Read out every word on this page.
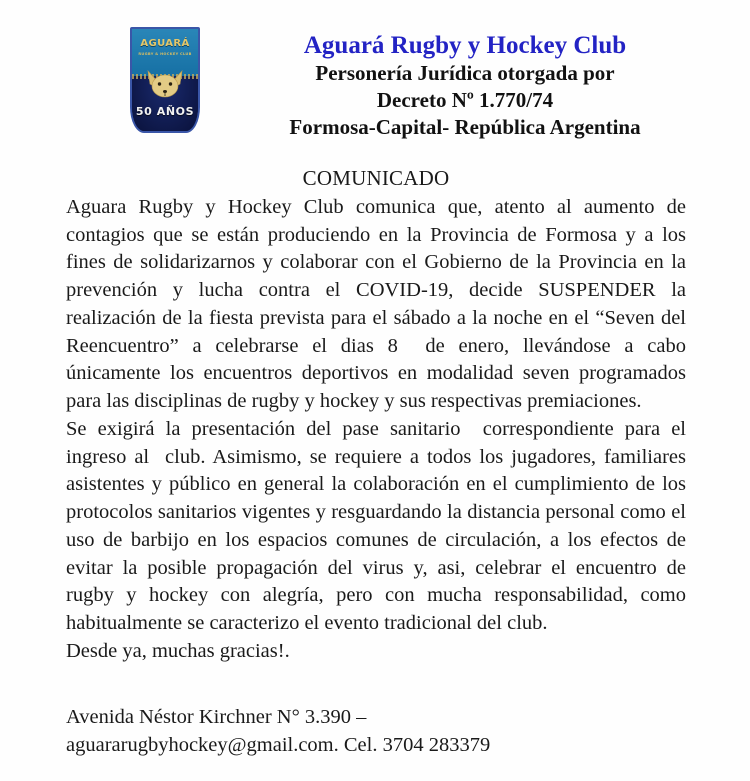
AGUARÁ
RUGBY & HOCKEY CLUB
50 AÑOS
Aguará Rugby y Hockey Club
Personería Jurídica otorgada por
Decreto Nº 1.770/74
Formosa-Capital- República Argentina
COMUNICADO

Aguara Rugby y Hockey Club comunica que, atento al aumento de contagios que se están produciendo en la Provincia de Formosa y a los fines de solidarizarnos y colaborar con el Gobierno de la Provincia en la prevención y lucha contra el COVID-19, decide SUSPENDER la realización de la fiesta prevista para el sábado a la noche en el “Seven del Reencuentro” a celebrarse el dias 8  de enero, llevándose a cabo únicamente los encuentros deportivos en modalidad seven programados para las disciplinas de rugby y hockey y sus respectivas premiaciones.

Se exigirá la presentación del pase sanitario  correspondiente para el ingreso al  club. Asimismo, se requiere a todos los jugadores, familiares asistentes y público en general la colaboración en el cumplimiento de los protocolos sanitarios vigentes y resguardando la distancia personal como el uso de barbijo en los espacios comunes de circulación, a los efectos de evitar la posible propagación del virus y, asi, celebrar el encuentro de rugby y hockey con alegría, pero con mucha responsabilidad, como habitualmente se caracterizo el evento tradicional del club.

Desde ya, muchas gracias!.

Avenida Néstor Kirchner N° 3.390 –
aguararugbyhockey@gmail.com. Cel. 3704 283379
